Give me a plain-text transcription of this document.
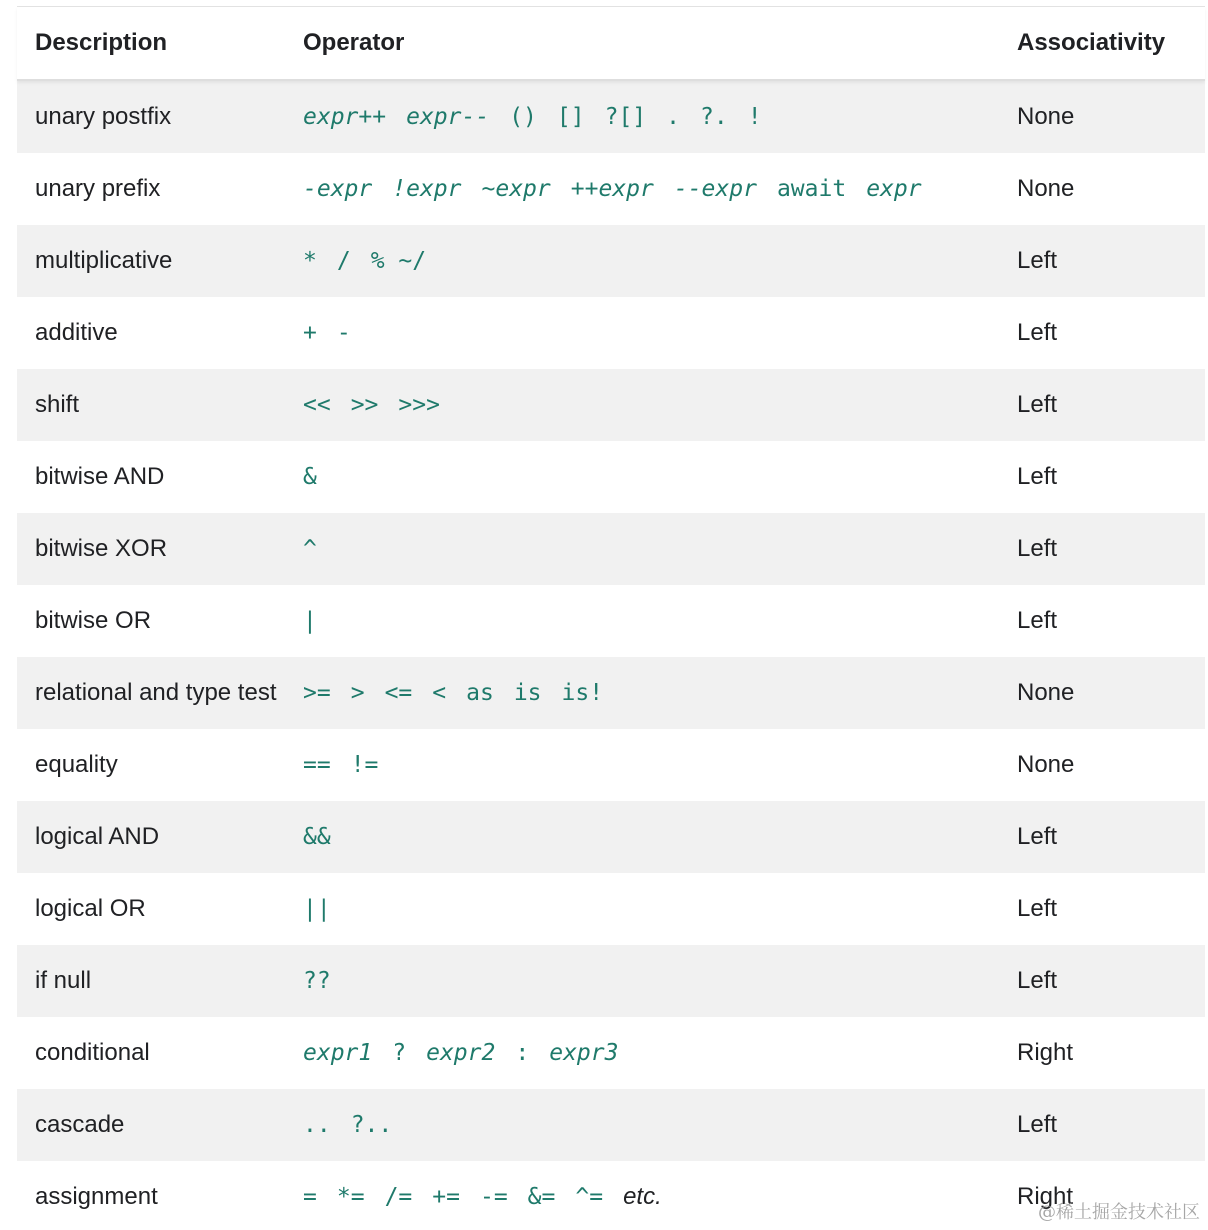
Description	Operator	Associativity
unary postfix	expr++ expr-- () [] ?[] . ?. !	None
unary prefix	-expr !expr ~expr ++expr --expr await expr	None
multiplicative	* / % ~/	Left
additive	+ -	Left
shift	<< >> >>>	Left
bitwise AND	&	Left
bitwise XOR	^	Left
bitwise OR	|	Left
relational and type test	>= > <= < as is is!	None
equality	== !=	None
logical AND	&&	Left
logical OR	||	Left
if null	??	Left
conditional	expr1 ? expr2 : expr3	Right
cascade	.. ?..	Left
assignment	= *= /= += -= &= ^= etc.	Right
@稀土掘金技术社区
